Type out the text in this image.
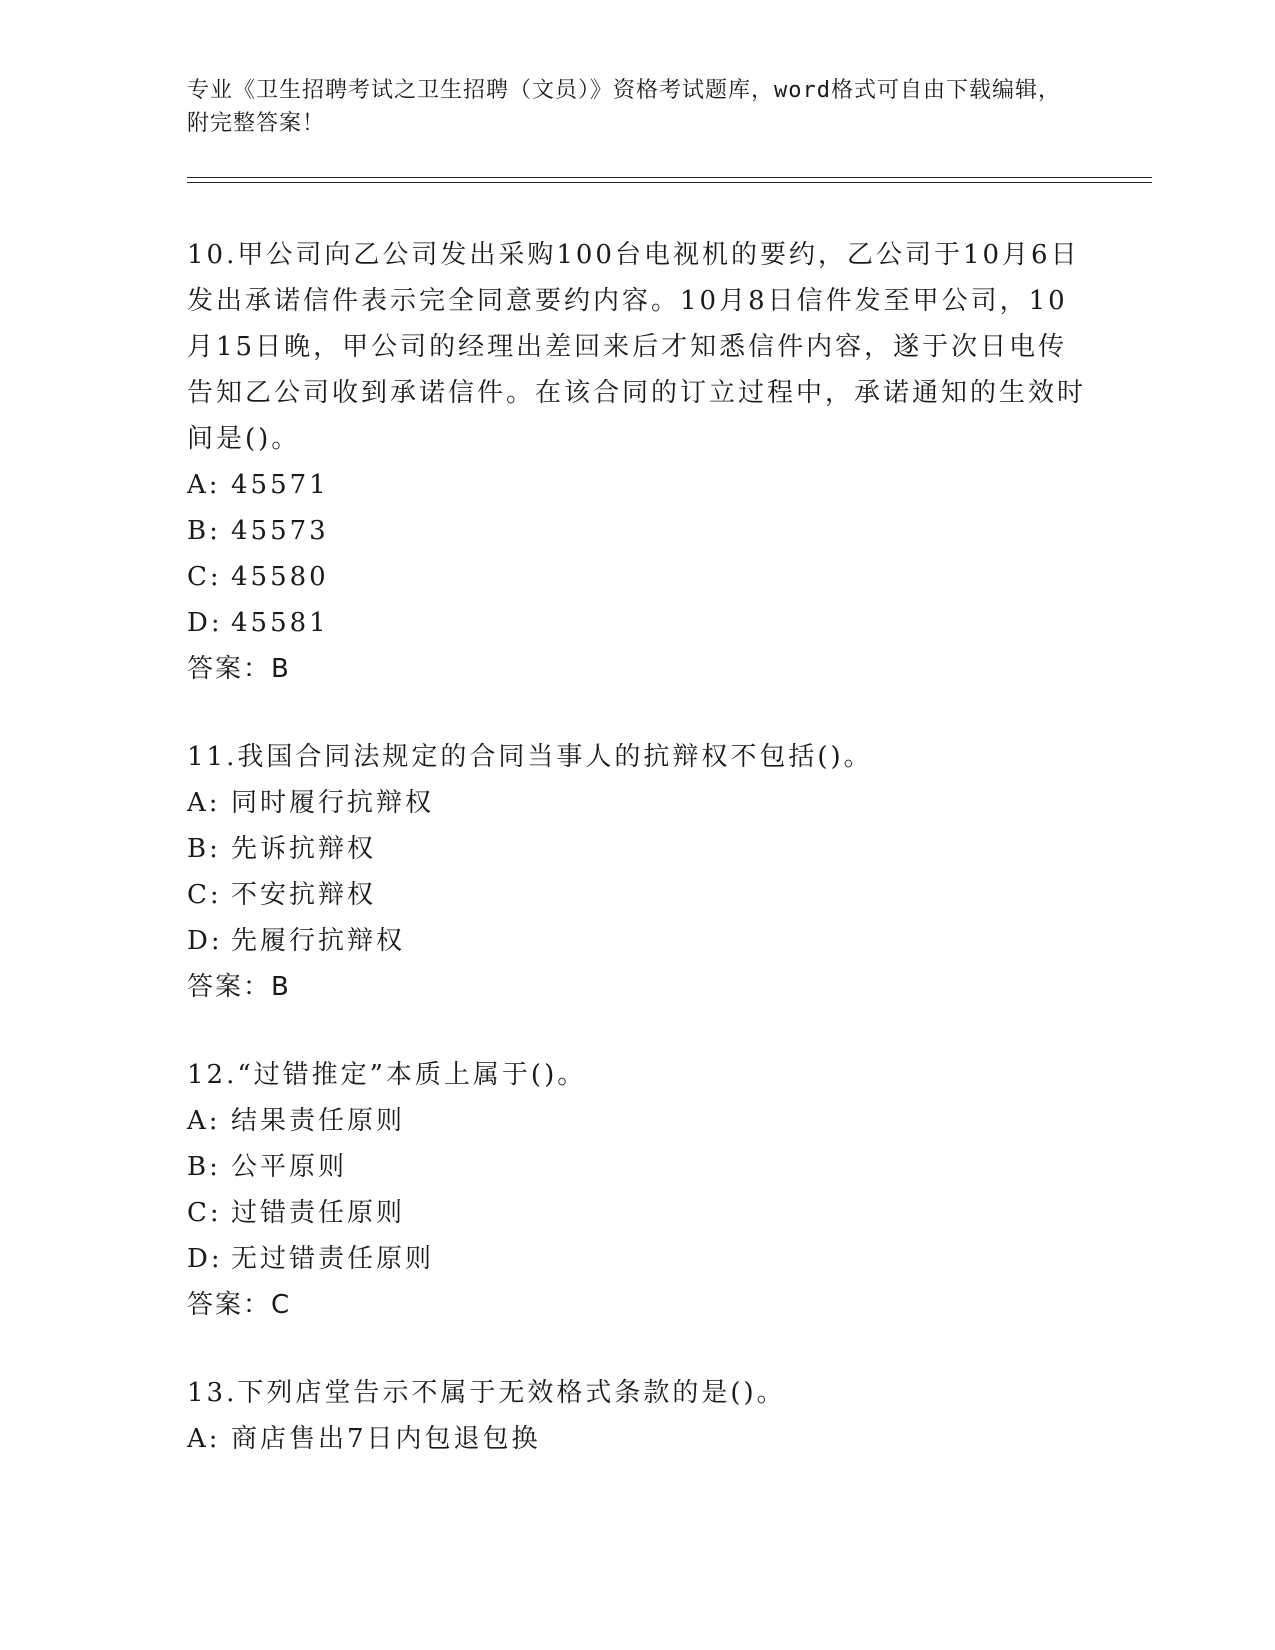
专业《卫生招聘考试之卫生招聘（文员）》资格考试题库，word格式可自由下载编辑，附完整答案！
10.甲公司向乙公司发出采购100台电视机的要约，乙公司于10月6日发出承诺信件表示完全同意要约内容。10月8日信件发至甲公司，10月15日晚，甲公司的经理出差回来后才知悉信件内容，遂于次日电传告知乙公司收到承诺信件。在该合同的订立过程中，承诺通知的生效时间是()。
A: 45571
B: 45573
C: 45580
D: 45581
答案：B
11.我国合同法规定的合同当事人的抗辩权不包括()。
A: 同时履行抗辩权
B: 先诉抗辩权
C: 不安抗辩权
D: 先履行抗辩权
答案：B
12.“过错推定”本质上属于()。
A: 结果责任原则
B: 公平原则
C: 过错责任原则
D: 无过错责任原则
答案：C
13.下列店堂告示不属于无效格式条款的是()。
A: 商店售出7日内包退包换
